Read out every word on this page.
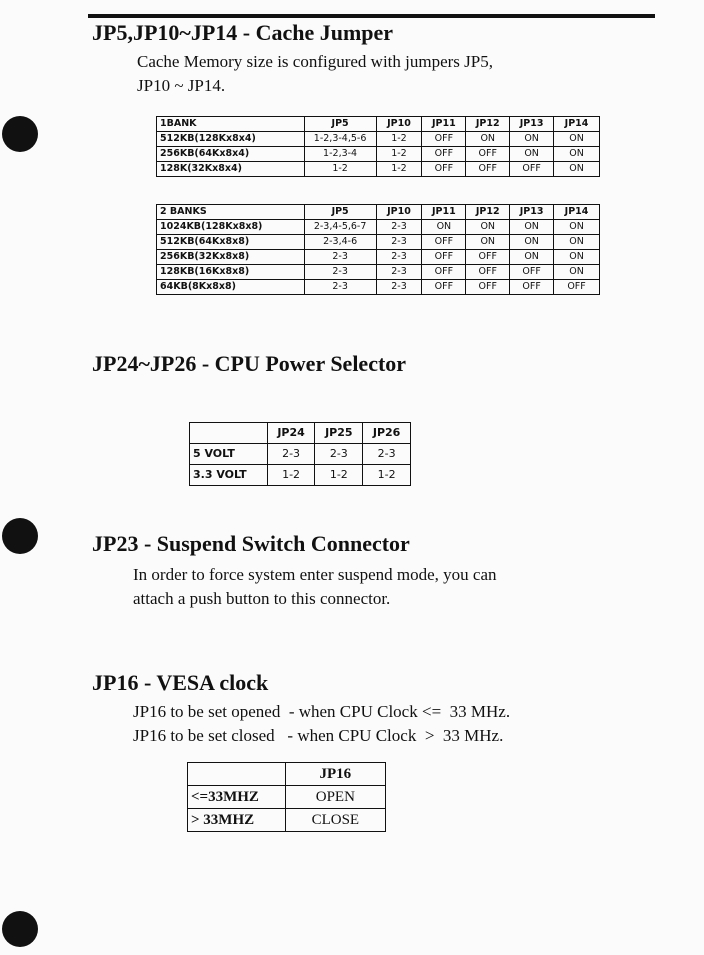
JP5,JP10~JP14 - Cache Jumper
Cache Memory size is configured with jumpers JP5,
JP10 ~ JP14.
1BANK	JP5	JP10	JP11	JP12	JP13	JP14
512KB(128Kx8x4)	1-2,3-4,5-6	1-2	OFF	ON	ON	ON
256KB(64Kx8x4)	1-2,3-4	1-2	OFF	OFF	ON	ON
128K(32Kx8x4)	1-2	1-2	OFF	OFF	OFF	ON
2 BANKS	JP5	JP10	JP11	JP12	JP13	JP14
1024KB(128Kx8x8)	2-3,4-5,6-7	2-3	ON	ON	ON	ON
512KB(64Kx8x8)	2-3,4-6	2-3	OFF	ON	ON	ON
256KB(32Kx8x8)	2-3	2-3	OFF	OFF	ON	ON
128KB(16Kx8x8)	2-3	2-3	OFF	OFF	OFF	ON
64KB(8Kx8x8)	2-3	2-3	OFF	OFF	OFF	OFF
JP24~JP26 - CPU Power Selector
	JP24	JP25	JP26
5 VOLT	2-3	2-3	2-3
3.3 VOLT	1-2	1-2	1-2
JP23 - Suspend Switch Connector
In order to force system enter suspend mode, you can
attach a push button to this connector.
JP16 - VESA clock
JP16 to be set opened  - when CPU Clock <=  33 MHz.
JP16 to be set closed   - when CPU Clock  >  33 MHz.
	JP16
<=33MHZ	OPEN
> 33MHZ	CLOSE
